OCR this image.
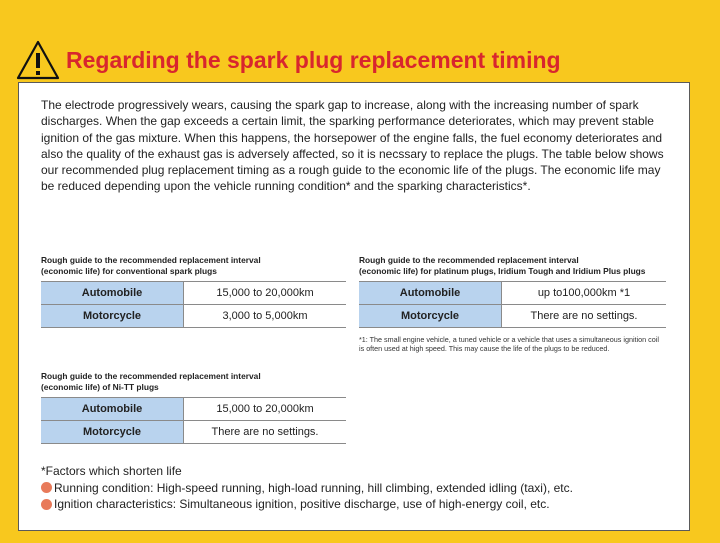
Regarding the spark plug replacement timing
The electrode progressively wears, causing the spark gap to increase, along with the increasing number of spark discharges. When the gap exceeds a certain limit, the sparking performance deteriorates, which may prevent stable ignition of the gas mixture. When this happens, the horsepower of the engine falls, the fuel economy deteriorates and also the quality of the exhaust gas is adversely affected, so it is necssary to replace the plugs. The table below shows our recommended plug replacement timing as a rough guide to the economic life of the plugs. The economic life may be reduced depending upon the vehicle running condition* and the sparking characteristics*.
Rough guide to the recommended replacement interval
(economic life) for conventional spark plugs
Automobile	15,000 to 20,000km
Motorcycle	3,000 to 5,000km
Rough guide to the recommended replacement interval
(economic life) for platinum plugs, Iridium Tough and Iridium Plus plugs
Automobile	up to100,000km *1
Motorcycle	There are no settings.
*1: The small engine vehicle, a tuned vehicle or a vehicle that uses a simultaneous ignition coil is often used at high speed. This may cause the life of the plugs to be reduced.
Rough guide to the recommended replacement interval
(economic life) of Ni-TT plugs
Automobile	15,000 to 20,000km
Motorcycle	There are no settings.
*Factors which shorten life
Running condition: High-speed running, high-load running, hill climbing, extended idling (taxi), etc.
Ignition characteristics: Simultaneous ignition, positive discharge, use of high-energy coil, etc.
